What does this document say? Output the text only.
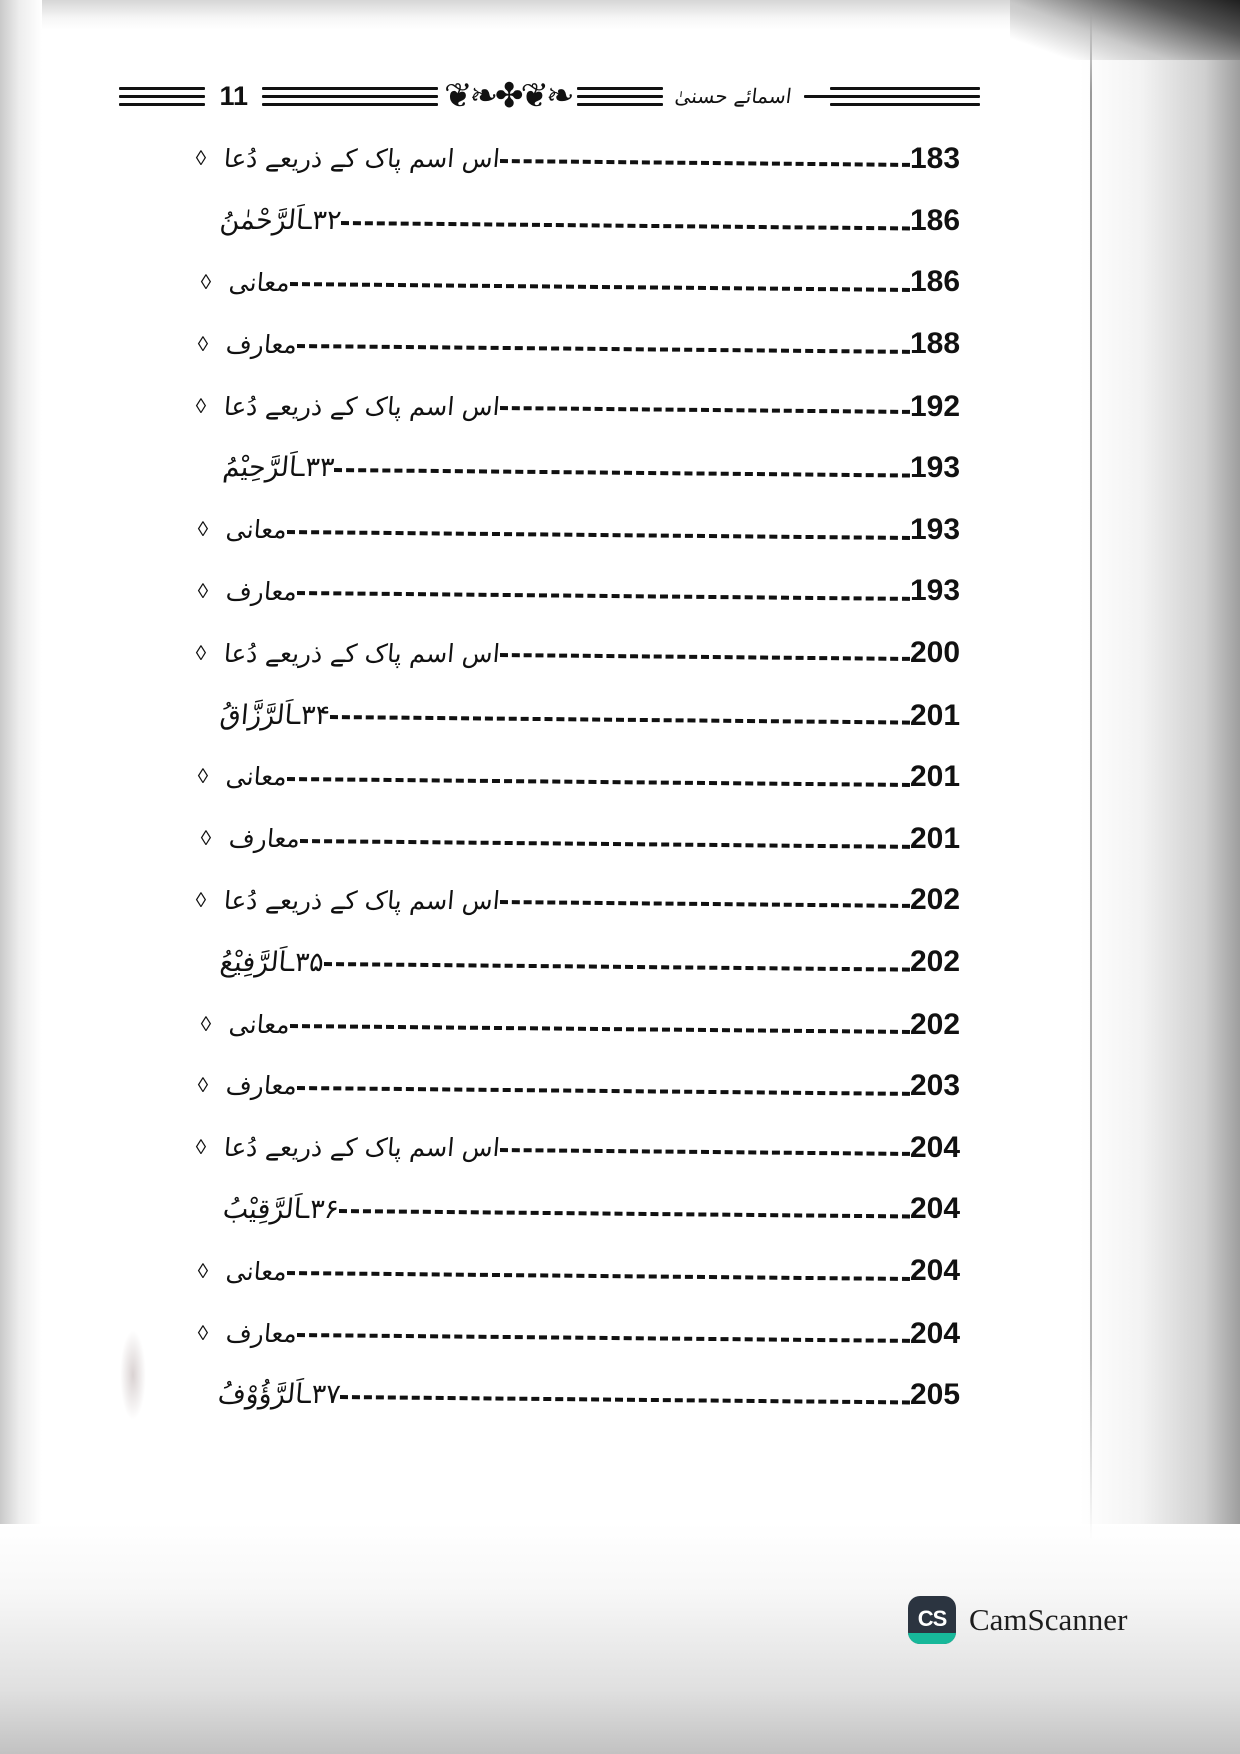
اسمائے حسنیٰ
❧❦✤❧❦
11
◊ اس اسم پاک کے ذریعے دُعا	183
۳۲ـاَلرَّحْمٰنُ	186
◊ معانی	186
◊ معارف	188
◊ اس اسم پاک کے ذریعے دُعا	192
۳۳ـاَلرَّحِيْمُ	193
◊ معانی	193
◊ معارف	193
◊ اس اسم پاک کے ذریعے دُعا	200
۳۴ـاَلرَّزَّاقُ	201
◊ معانی	201
◊ معارف	201
◊ اس اسم پاک کے ذریعے دُعا	202
۳۵ـاَلرَّفِيْعُ	202
◊ معانی	202
◊ معارف	203
◊ اس اسم پاک کے ذریعے دُعا	204
۳۶ـاَلرَّقِيْبُ	204
◊ معانی	204
◊ معارف	204
۳۷ـاَلرَّؤُوْفُ	205
CS CamScanner
